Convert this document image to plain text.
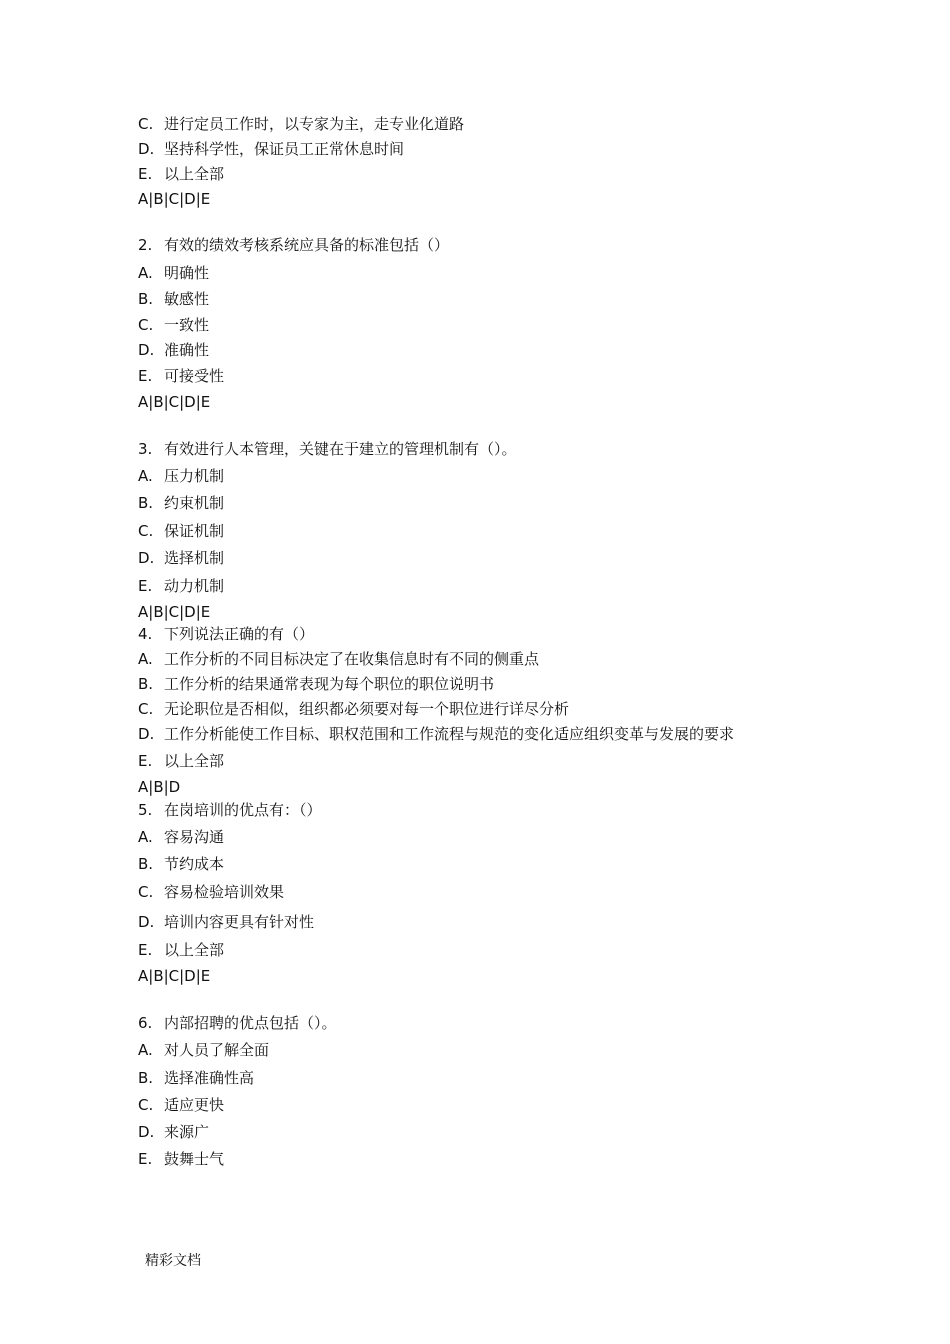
C. 进行定员工作时，以专家为主，走专业化道路
D. 坚持科学性，保证员工正常休息时间
E. 以上全部
A|B|C|D|E
2. 有效的绩效考核系统应具备的标准包括（）
A. 明确性
B. 敏感性
C. 一致性
D. 准确性
E. 可接受性
A|B|C|D|E
3. 有效进行人本管理，关键在于建立的管理机制有（）。
A. 压力机制
B. 约束机制
C. 保证机制
D. 选择机制
E. 动力机制
A|B|C|D|E
4. 下列说法正确的有（）
A. 工作分析的不同目标决定了在收集信息时有不同的侧重点
B. 工作分析的结果通常表现为每个职位的职位说明书
C. 无论职位是否相似，组织都必须要对每一个职位进行详尽分析
D. 工作分析能使工作目标、职权范围和工作流程与规范的变化适应组织变革与发展的要求
E. 以上全部
A|B|D
5. 在岗培训的优点有：（）
A. 容易沟通
B. 节约成本
C. 容易检验培训效果
D. 培训内容更具有针对性
E. 以上全部
A|B|C|D|E
6. 内部招聘的优点包括（）。
A. 对人员了解全面
B. 选择准确性高
C. 适应更快
D. 来源广
E. 鼓舞士气
精彩文档
